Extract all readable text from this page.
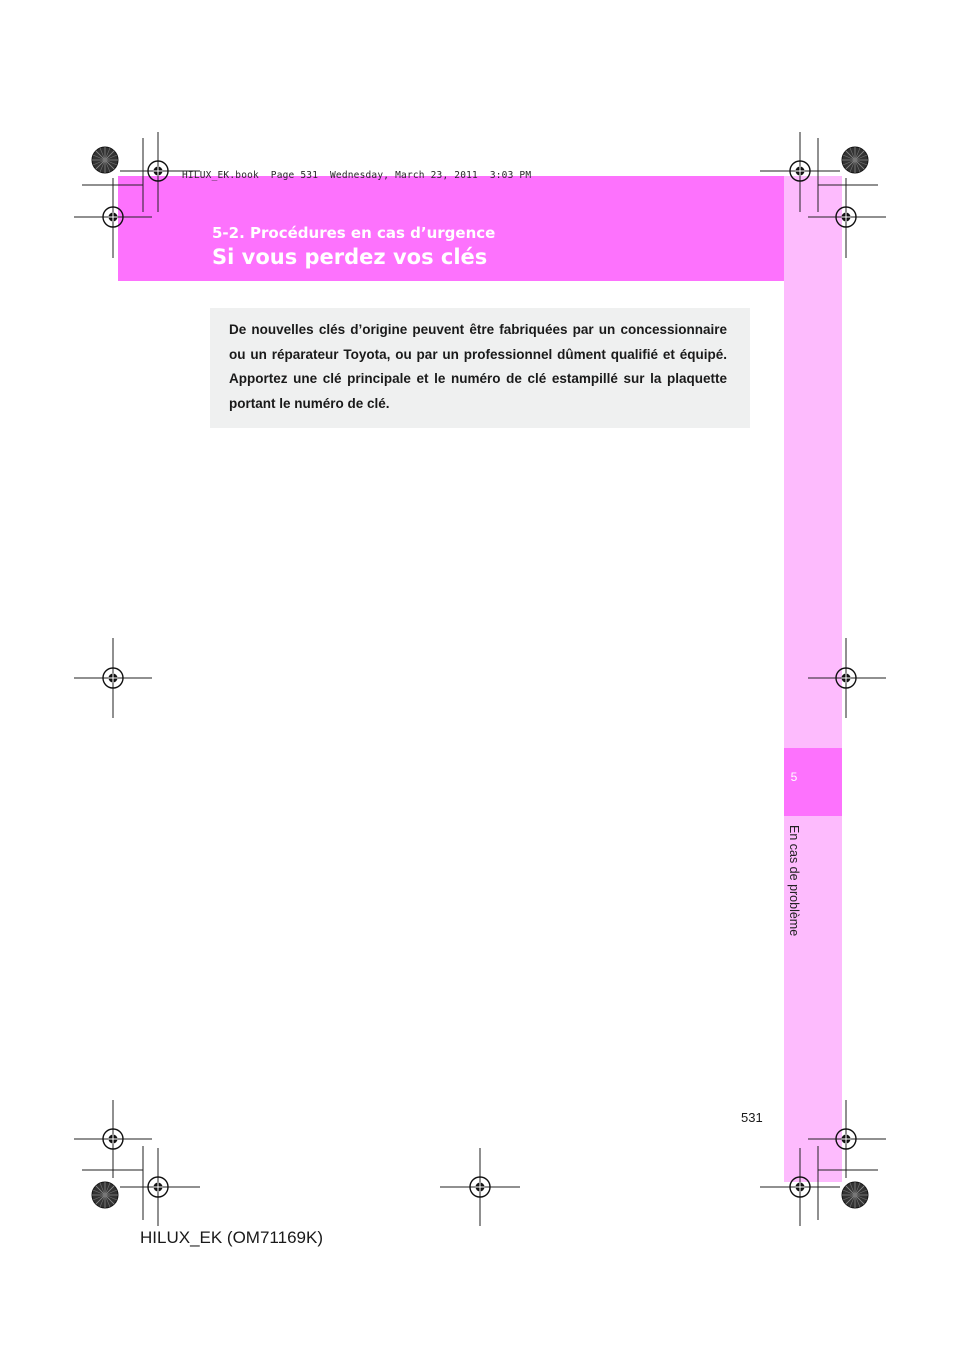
HILUX_EK.book  Page 531  Wednesday, March 23, 2011  3:03 PM
5-2. Procédures en cas d’urgence
Si vous perdez vos clés
5
En cas de problème
De nouvelles clés d’origine peuvent être fabriquées par un concessionnaire ou un réparateur Toyota, ou par un professionnel dûment qualifié et équipé. Apportez une clé principale et le numéro de clé estampillé sur la plaquette portant le numéro de clé.
531
HILUX_EK (OM71169K)
